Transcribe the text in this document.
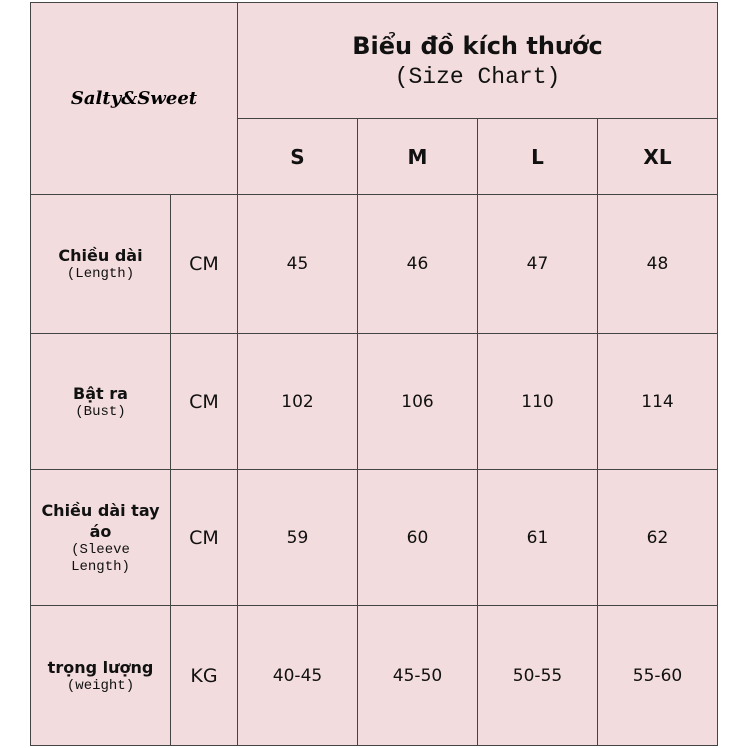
Salty&Sweet
Biểu đồ kích thước
(Size Chart)
S	M	L	XL
Chiều dài
(Length)	CM	45	46	47	48
Bật ra
(Bust)	CM	102	106	110	114
Chiều dài tay áo
(Sleeve Length)
CM	59	60	61	62
trọng lượng
(weight)	KG	40-45	45-50	50-55	55-60
